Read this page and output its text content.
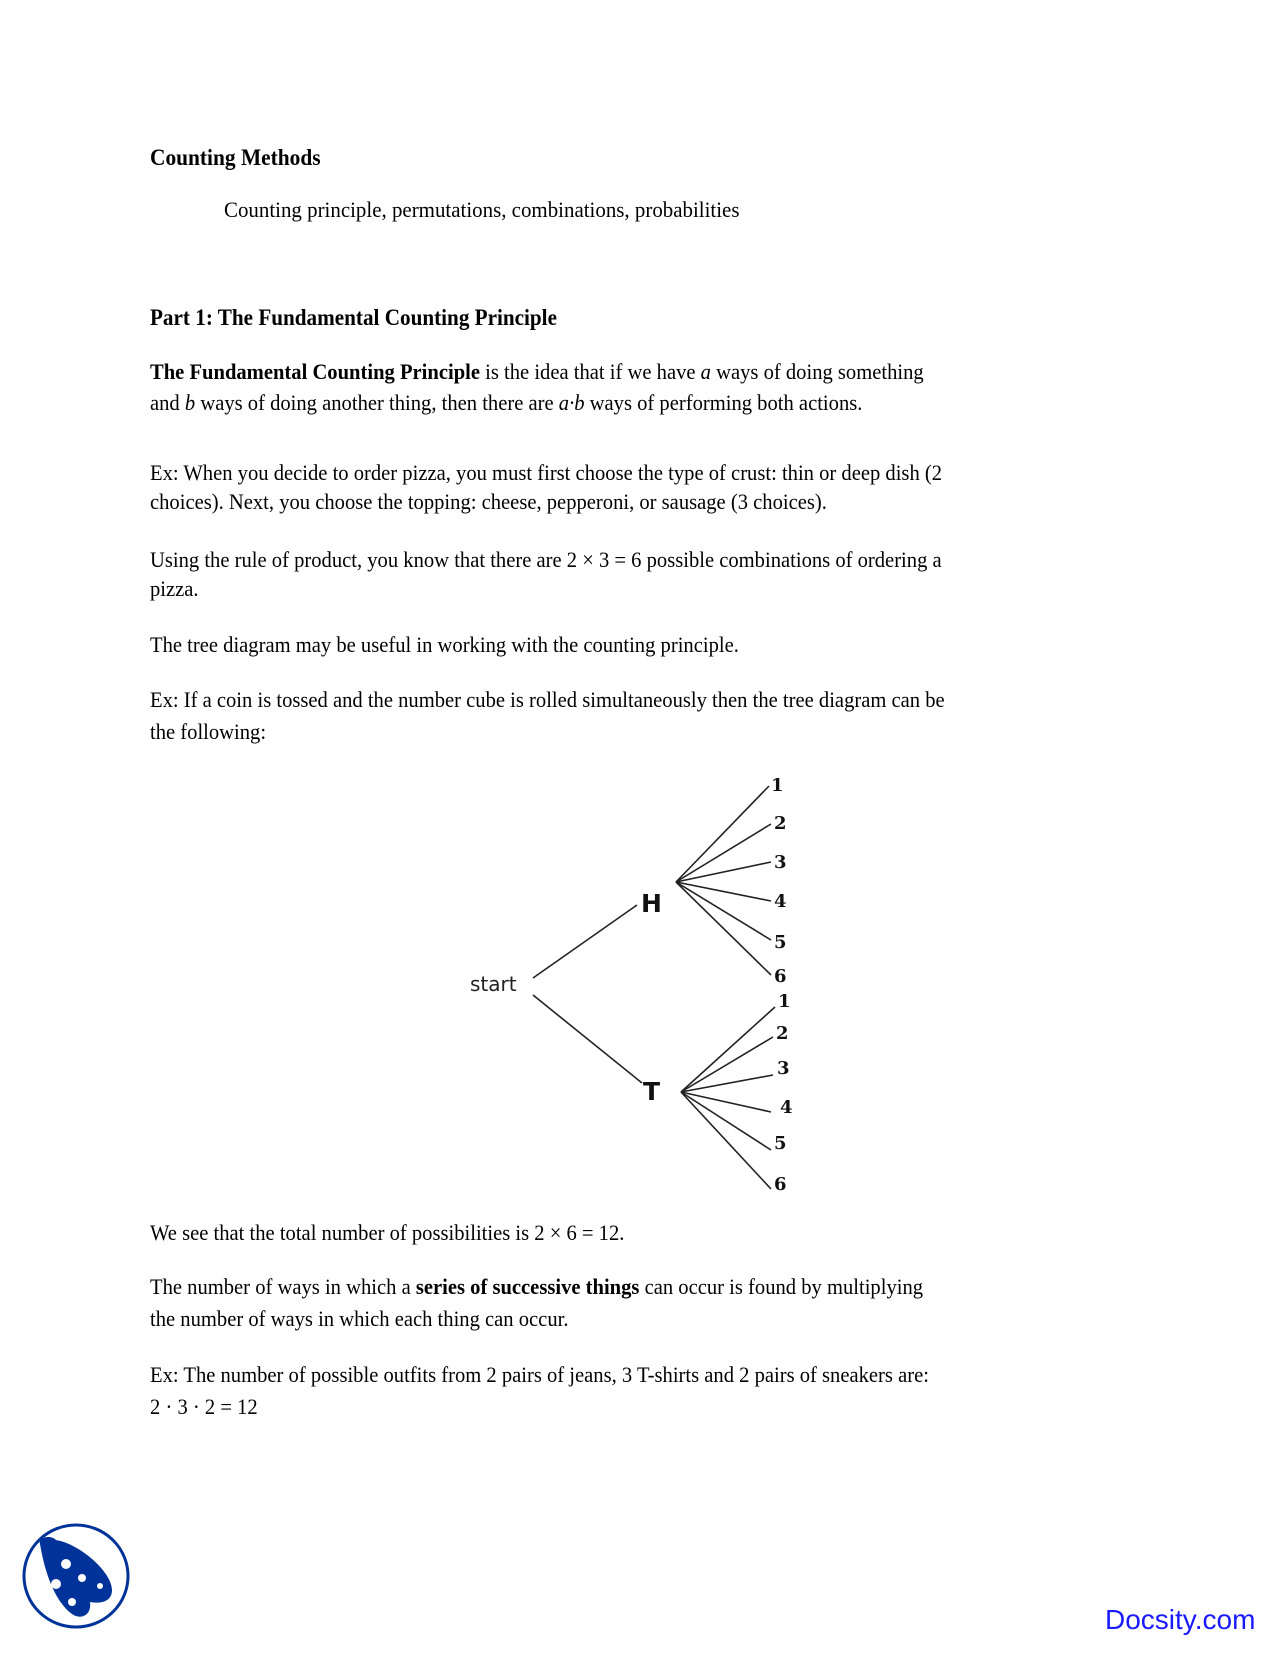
Counting Methods
Counting principle, permutations, combinations, probabilities
Part 1: The Fundamental Counting Principle
The Fundamental Counting Principle is the idea that if we have a ways of doing something
and b ways of doing another thing, then there are a·b ways of performing both actions.
Ex: When you decide to order pizza, you must first choose the type of crust: thin or deep dish (2
choices). Next, you choose the topping: cheese, pepperoni, or sausage (3 choices).
Using the rule of product, you know that there are 2 × 3 = 6 possible combinations of ordering a
pizza.
The tree diagram may be useful in working with the counting principle.
Ex: If a coin is tossed and the number cube is rolled simultaneously then the tree diagram can be
the following:
start
H
T
1
2
3
4
5
6
1
2
3
4
5
6
We see that the total number of possibilities is 2 × 6 = 12.
The number of ways in which a series of successive things can occur is found by multiplying
the number of ways in which each thing can occur.
Ex: The number of possible outfits from 2 pairs of jeans, 3 T-shirts and 2 pairs of sneakers are:
2 · 3 · 2 = 12
Docsity.com
